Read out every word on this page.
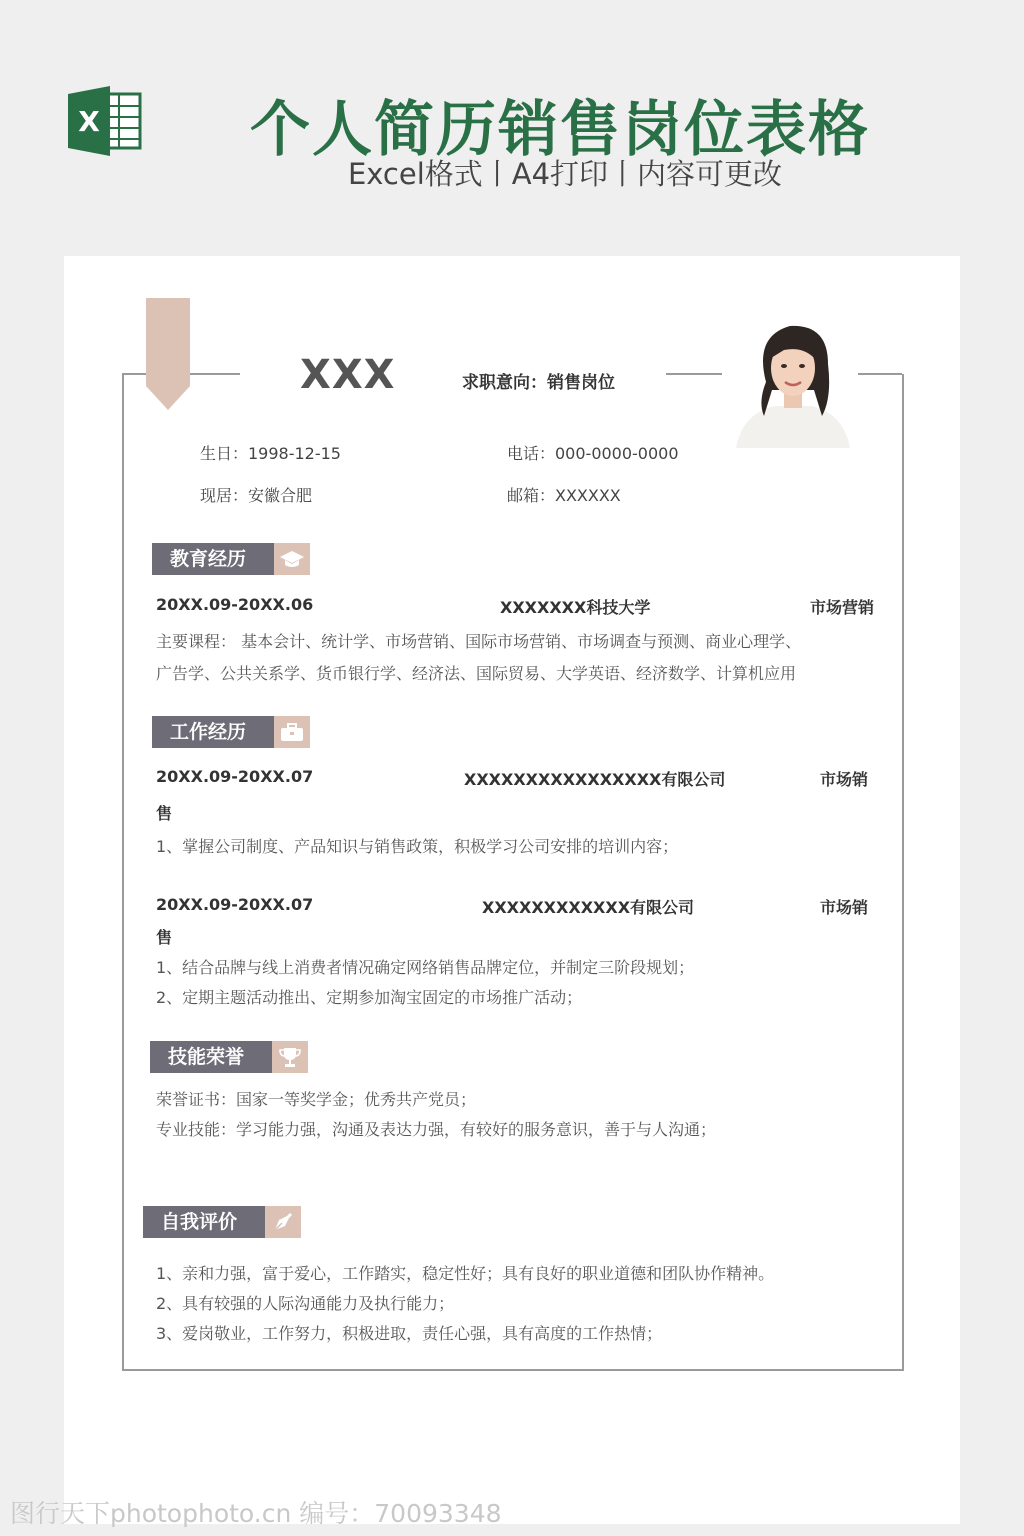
X	个人简历销售岗位表格
Excel格式丨A4打印丨内容可更改
XXX	求职意向：销售岗位
生日：1998-12-15	电话：000-0000-0000
现居：安徽合肥	邮箱：XXXXXX
教育经历
20XX.09-20XX.06	XXXXXXX科技大学	市场营销
主要课程： 基本会计、统计学、市场营销、国际市场营销、市场调查与预测、商业心理学、
广告学、公共关系学、货币银行学、经济法、国际贸易、大学英语、经济数学、计算机应用
工作经历
20XX.09-20XX.07	XXXXXXXXXXXXXXXX有限公司	市场销
售
1、掌握公司制度、产品知识与销售政策，积极学习公司安排的培训内容；
20XX.09-20XX.07	XXXXXXXXXXXX有限公司	市场销
售
1、结合品牌与线上消费者情况确定网络销售品牌定位，并制定三阶段规划；
2、定期主题活动推出、定期参加淘宝固定的市场推广活动；
技能荣誉
荣誉证书：国家一等奖学金；优秀共产党员；
专业技能：学习能力强，沟通及表达力强，有较好的服务意识，善于与人沟通；
自我评价
1、亲和力强，富于爱心，工作踏实，稳定性好；具有良好的职业道德和团队协作精神。
2、具有较强的人际沟通能力及执行能力；
3、爱岗敬业，工作努力，积极进取，责任心强，具有高度的工作热情；
图行天下photophoto.cn 编号：70093348
